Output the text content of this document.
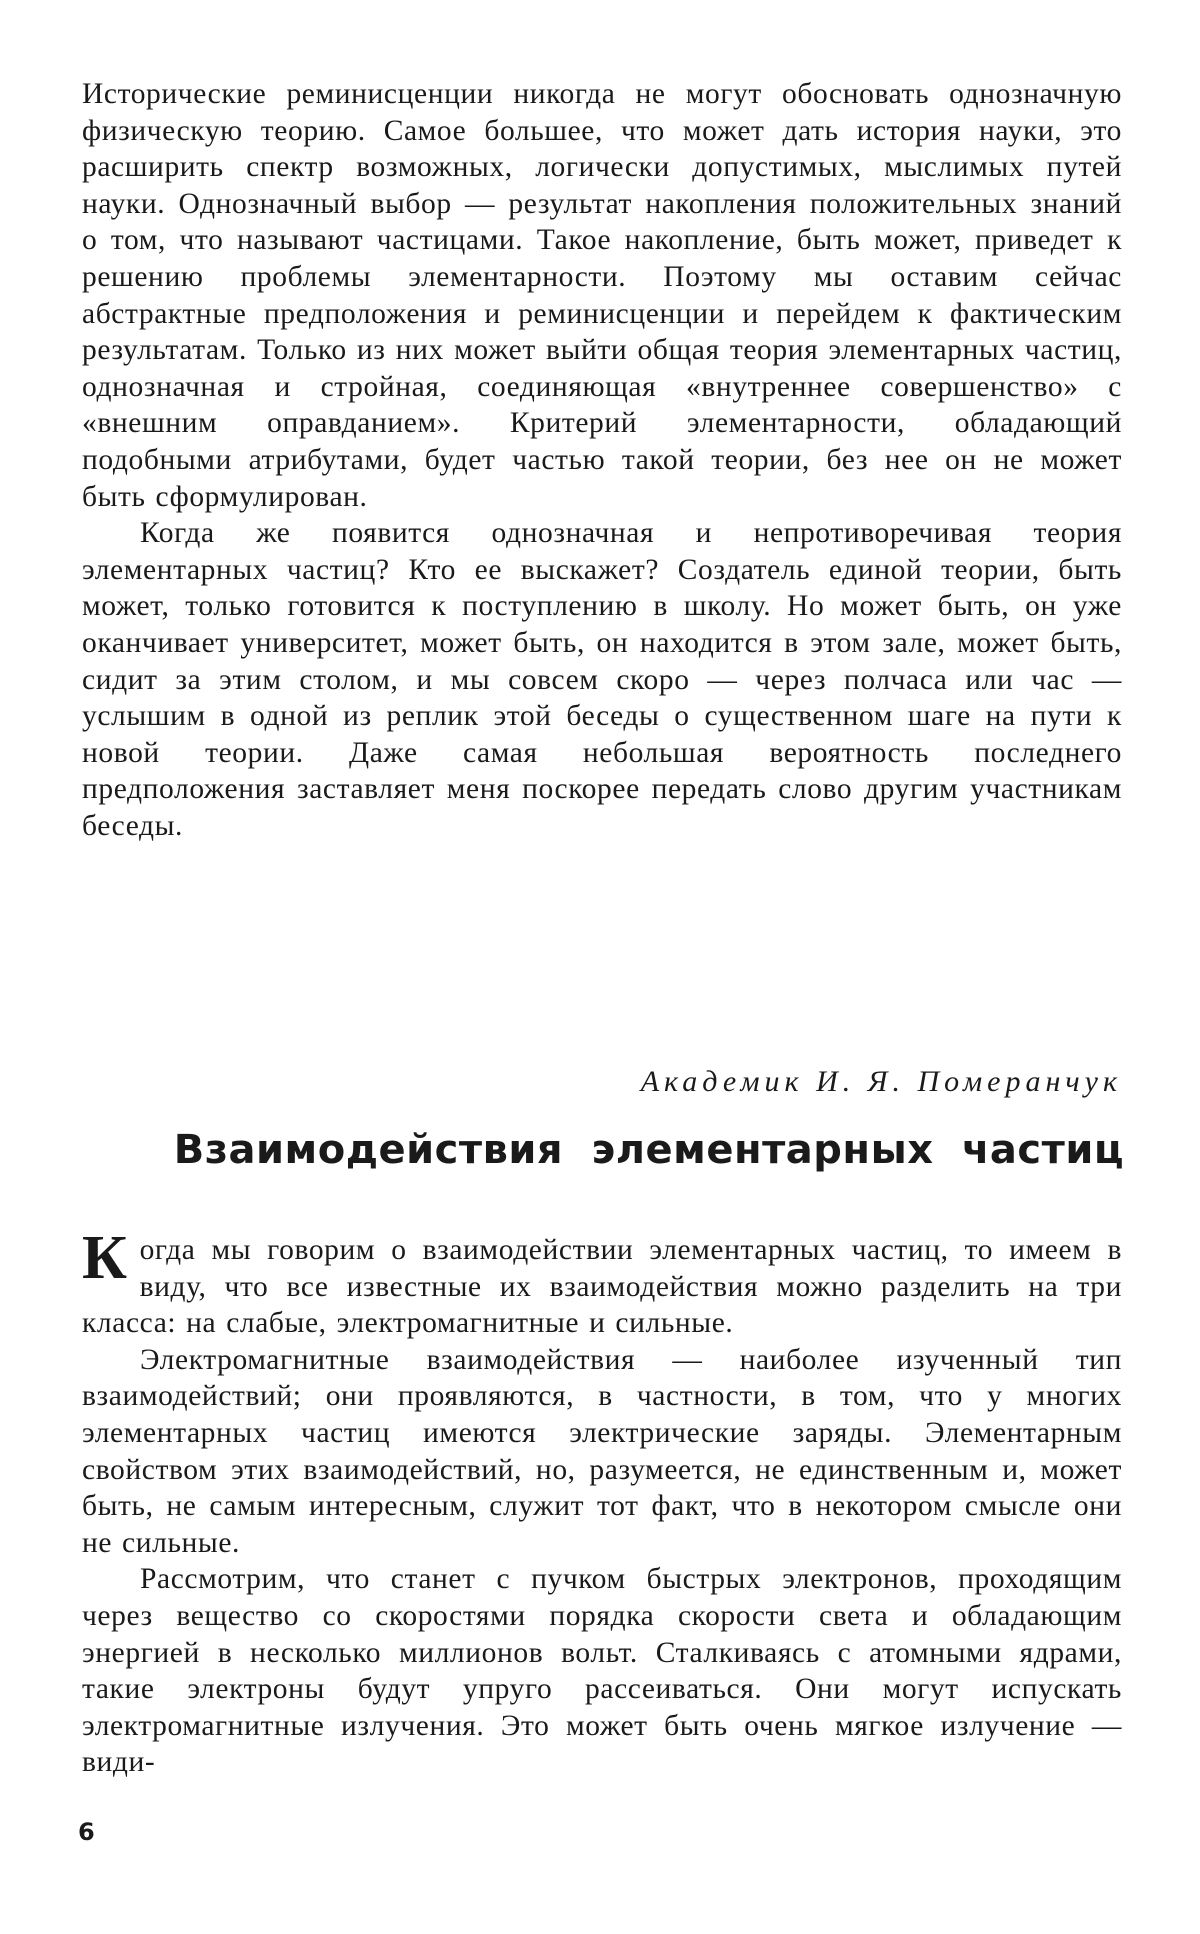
Исторические реминисценции никогда не могут обосновать однозначную физическую теорию. Самое большее, что может дать история науки, это расширить спектр возможных, логически допустимых, мыслимых путей науки. Однозначный выбор — результат накопления положительных знаний о том, что называют частицами. Такое накопление, быть может, приведет к решению проблемы элементарности. Поэтому мы оставим сейчас абстрактные предположения и реминисценции и перейдем к фактическим результатам. Только из них может выйти общая теория элементарных частиц, однозначная и стройная, соединяющая «внутреннее совершенство» с «внешним оправданием». Критерий элементарности, обладающий подобными атрибутами, будет частью такой теории, без нее он не может быть сформулирован.

Когда же появится однозначная и непротиворечивая теория элементарных частиц? Кто ее выскажет? Создатель единой теории, быть может, только готовится к поступлению в школу. Но может быть, он уже оканчивает университет, может быть, он находится в этом зале, может быть, сидит за этим столом, и мы совсем скоро — через полчаса или час — услышим в одной из реплик этой беседы о существенном шаге на пути к новой теории. Даже самая небольшая вероятность последнего предположения заставляет меня поскорее передать слово другим участникам беседы.

Академик И. Я. Померанчук

Взаимодействия элементарных частиц

Когда мы говорим о взаимодействии элементарных частиц, то имеем в виду, что все известные их взаимодействия можно разделить на три класса: на слабые, электромагнитные и сильные.

Электромагнитные взаимодействия — наиболее изученный тип взаимодействий; они проявляются, в частности, в том, что у многих элементарных частиц имеются электрические заряды. Элементарным свойством этих взаимодействий, но, разумеется, не единственным и, может быть, не самым интересным, служит тот факт, что в некотором смысле они не сильные.

Рассмотрим, что станет с пучком быстрых электронов, проходящим через вещество со скоростями порядка скорости света и обладающим энергией в несколько миллионов вольт. Сталкиваясь с атомными ядрами, такие электроны будут упруго рассеиваться. Они могут испускать электромагнитные излучения. Это может быть очень мягкое излучение — види-

6
